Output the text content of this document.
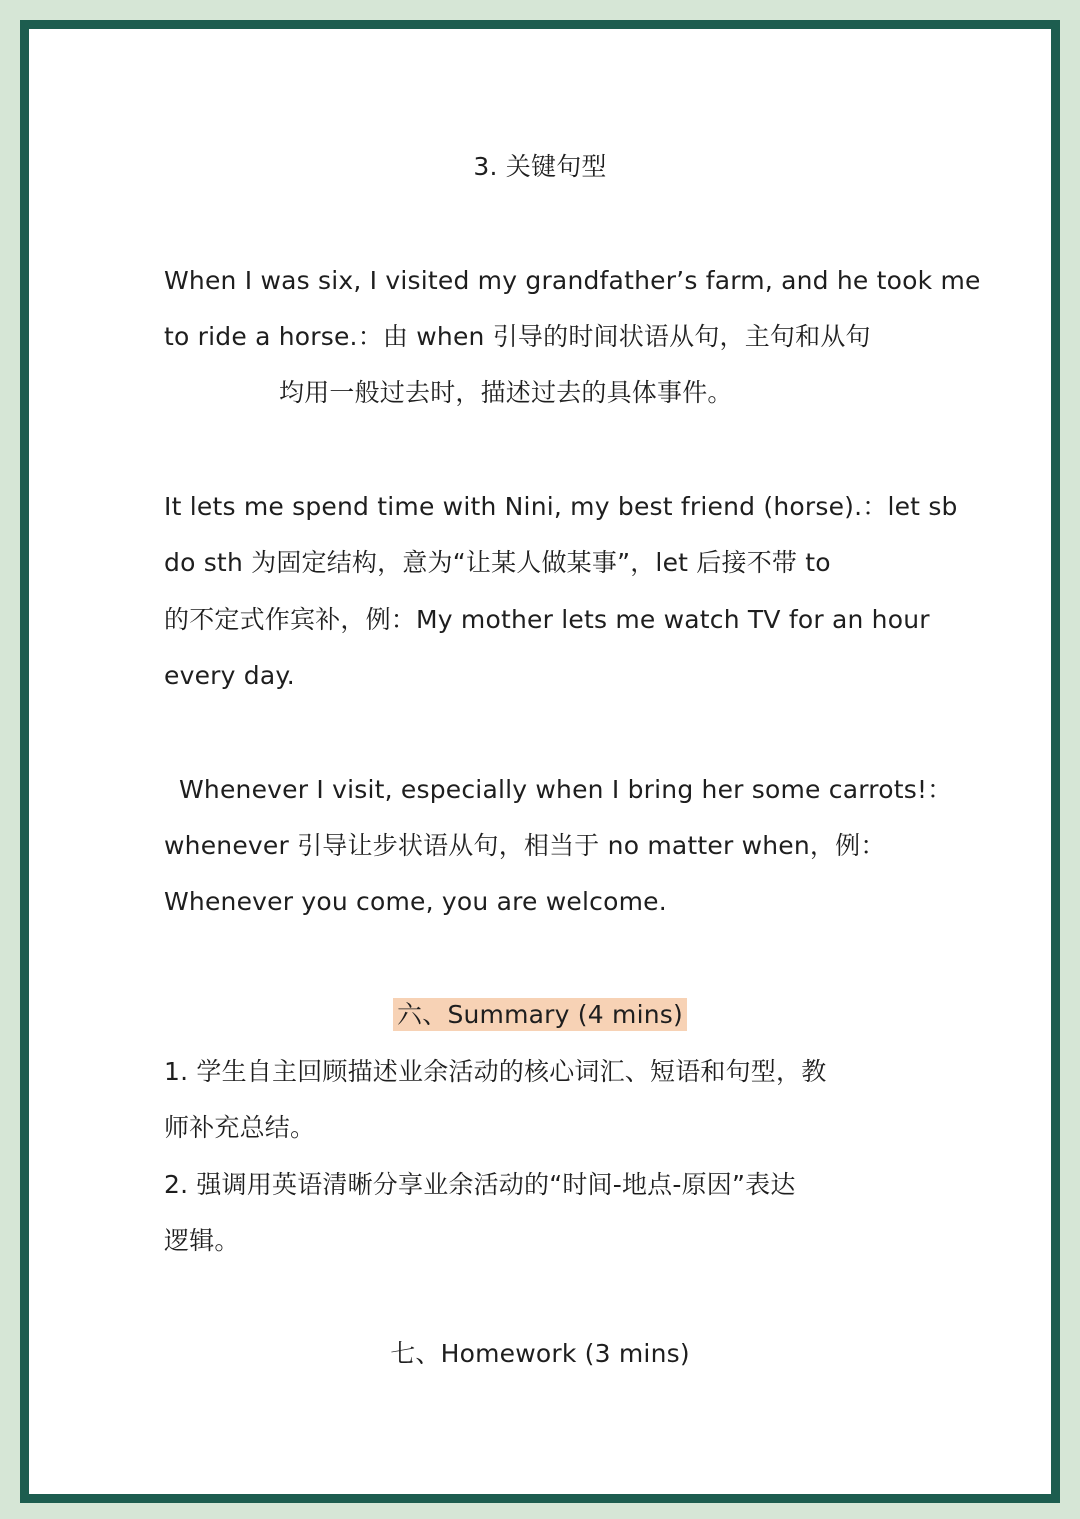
3. 关键句型
When I was six, I visited my grandfather’s farm, and he took me
to ride a horse.：由 when 引导的时间状语从句，主句和从句
均用一般过去时，描述过去的具体事件。
It lets me spend time with Nini, my best friend (horse).：let sb
do sth 为固定结构，意为“让某人做某事”，let 后接不带 to
的不定式作宾补，例：My mother lets me watch TV for an hour
every day.
Whenever I visit, especially when I bring her some carrots!：
whenever 引导让步状语从句，相当于 no matter when，例：
Whenever you come, you are welcome.
六、Summary (4 mins)
1. 学生自主回顾描述业余活动的核心词汇、短语和句型，教
师补充总结。
2. 强调用英语清晰分享业余活动的“时间-地点-原因”表达
逻辑。
七、Homework (3 mins)
